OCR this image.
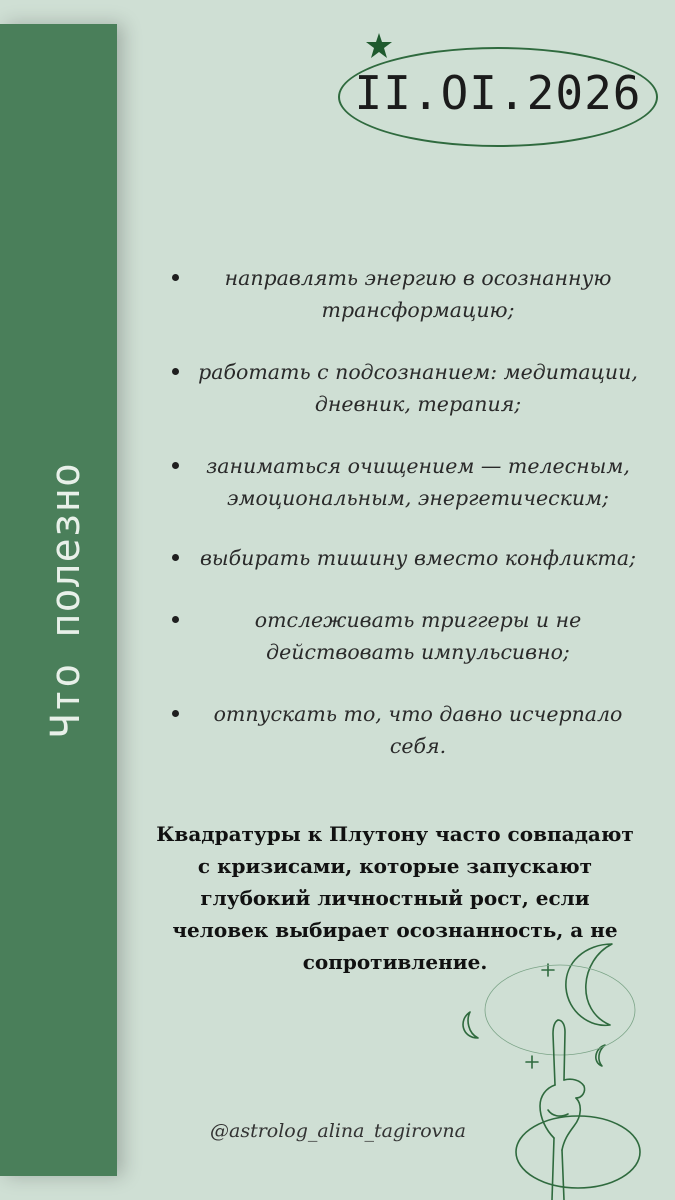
Что полезно
II.OI.2026
направлять энергию в осознанную трансформацию;
работать с подсознанием: медитации, дневник, терапия;
заниматься очищением — телесным, эмоциональным, энергетическим;
выбирать тишину вместо конфликта;
отслеживать триггеры и не действовать импульсивно;
отпускать то, что давно исчерпало себя.
Квадратуры к Плутону часто совпадают с кризисами, которые запускают глубокий личностный рост, если человек выбирает осознанность, а не сопротивление.
@astrolog_alina_tagirovna
